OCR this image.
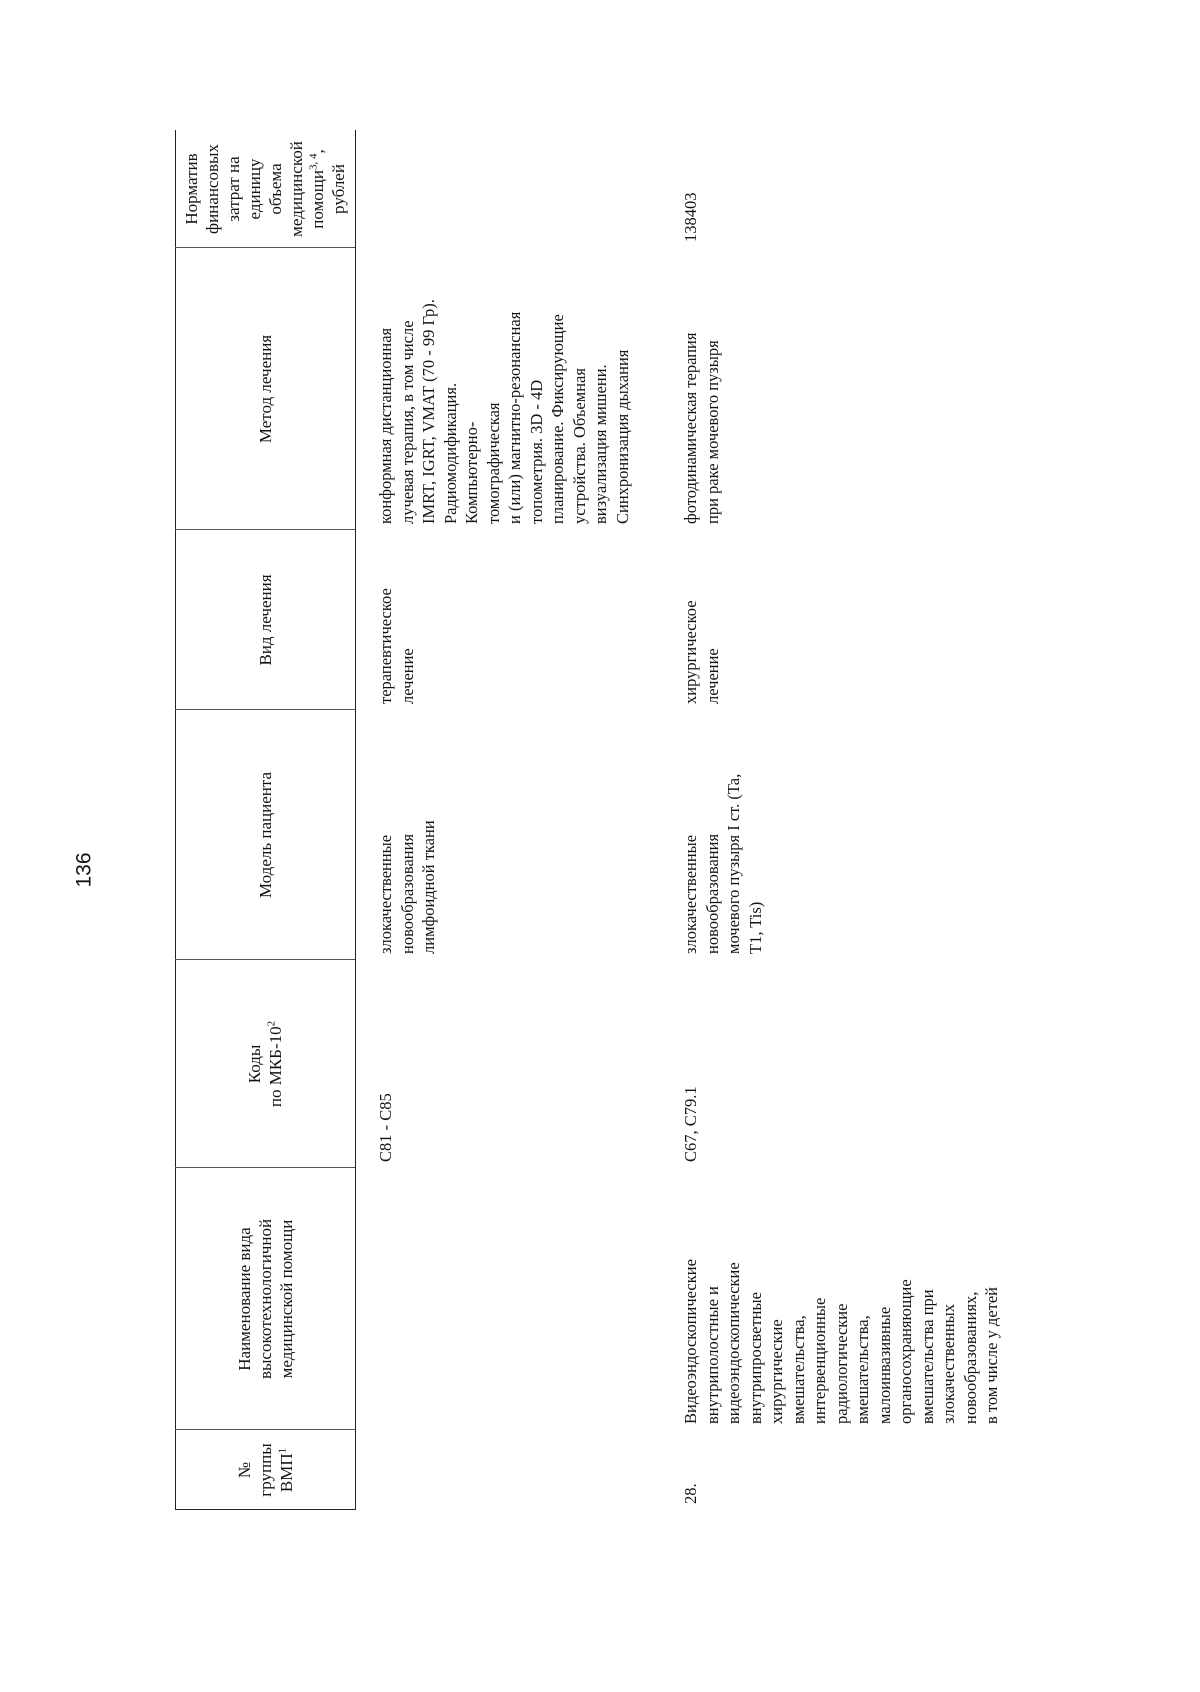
136
№
группы
ВМП$^1$
Наименование вида высокотехнологичной медицинской помощи
Коды
по МКБ-$10^2$
Модель пациента
Вид лечения
Метод лечения
Норматив финансовых затрат на единицу объема медицинской помощи$^{3, 4}$, рублей
C81 - C85
злокачественные
новообразования
лимфоидной ткани
терапевтическое
лечение
конформная дистанционная
лучевая терапия, в том числе
IMRT, IGRT, VMAT (70 - 99 Гр).
Радиомодификация.
Компьютерно-
томографическая
и (или) магнитно-резонансная
топометрия. 3D - 4D
планирование. Фиксирующие
устройства. Объемная
визуализация мишени.
Синхронизация дыхания
28.
Видеоэндоскопические
внутриполостные и
видеоэндоскопические
внутрипросветные
хирургические
вмешательства,
интервенционные
радиологические
вмешательства,
малоинвазивные
органосохраняющие
вмешательства при
злокачественных
новообразованиях,
в том числе у детей
C67, C79.1
злокачественные
новообразования
мочевого пузыря I ст. (Ta,
T1, Tis)
хирургическое
лечение
фотодинамическая терапия
при раке мочевого пузыря
138403
